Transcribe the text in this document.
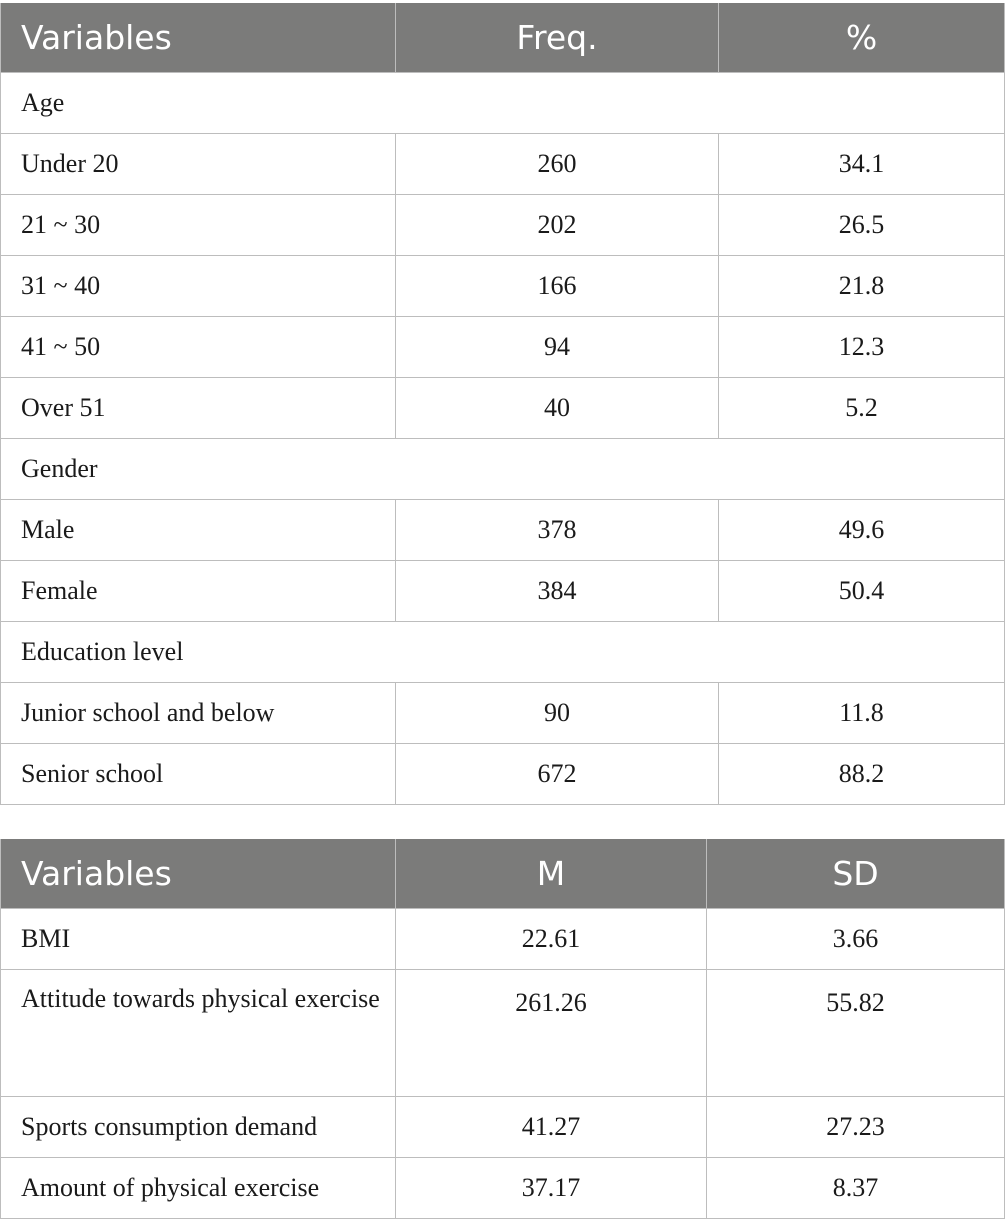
Variables	Freq.	%
Age		
Under 20	260	34.1
21 ~ 30	202	26.5
31 ~ 40	166	21.8
41 ~ 50	94	12.3
Over 51	40	5.2
Gender		
Male	378	49.6
Female	384	50.4
Education level		
Junior school and below	90	11.8
Senior school	672	88.2
Variables	M	SD
BMI	22.61	3.66
Attitude towards physical exercise	261.26	55.82
Sports consumption demand	41.27	27.23
Amount of physical exercise	37.17	8.37
